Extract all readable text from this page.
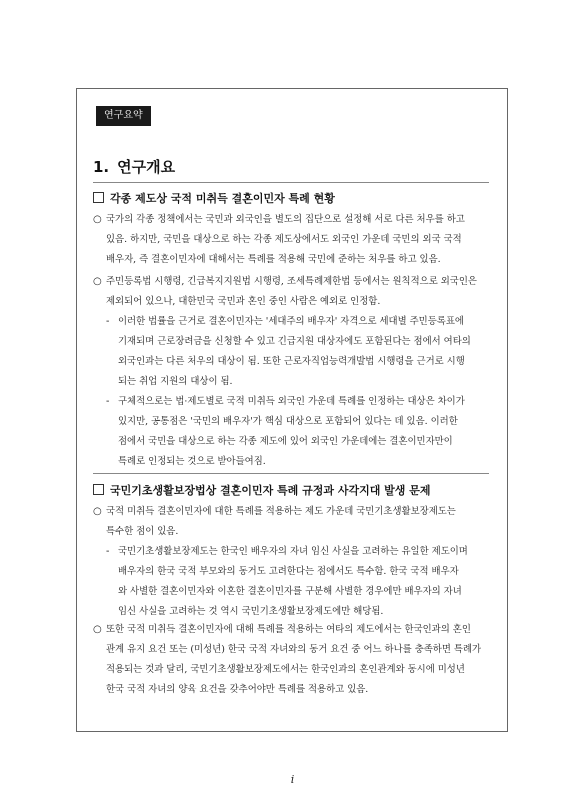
연구요약
1. 연구개요
각종 제도상 국적 미취득 결혼이민자 특례 현황
○ 국가의 각종 정책에서는 국민과 외국인을 별도의 집단으로 설정해 서로 다른 처우를 하고
있음. 하지만, 국민을 대상으로 하는 각종 제도상에서도 외국인 가운데 국민의 외국 국적
배우자, 즉 결혼이민자에 대해서는 특례를 적용해 국민에 준하는 처우를 하고 있음.
○ 주민등록법 시행령, 긴급복지지원법 시행령, 조세특례제한법 등에서는 원칙적으로 외국인은
제외되어 있으나, 대한민국 국민과 혼인 중인 사람은 예외로 인정함.
- 이러한 법률을 근거로 결혼이민자는 '세대주의 배우자' 자격으로 세대별 주민등록표에
기재되며 근로장려금을 신청할 수 있고 긴급지원 대상자에도 포함된다는 점에서 여타의
외국인과는 다른 처우의 대상이 됨. 또한 근로자직업능력개발법 시행령을 근거로 시행
되는 취업 지원의 대상이 됨.
- 구체적으로는 법·제도별로 국적 미취득 외국인 가운데 특례를 인정하는 대상은 차이가
있지만, 공통점은 '국민의 배우자'가 핵심 대상으로 포함되어 있다는 데 있음. 이러한
점에서 국민을 대상으로 하는 각종 제도에 있어 외국인 가운데에는 결혼이민자만이
특례로 인정되는 것으로 받아들여짐.
국민기초생활보장법상 결혼이민자 특례 규정과 사각지대 발생 문제
○ 국적 미취득 결혼이민자에 대한 특례를 적용하는 제도 가운데 국민기초생활보장제도는
특수한 점이 있음.
- 국민기초생활보장제도는 한국인 배우자의 자녀 임신 사실을 고려하는 유일한 제도이며
배우자의 한국 국적 부모와의 동거도 고려한다는 점에서도 특수함. 한국 국적 배우자
와 사별한 결혼이민자와 이혼한 결혼이민자를 구분해 사별한 경우에만 배우자의 자녀
임신 사실을 고려하는 것 역시 국민기초생활보장제도에만 해당됨.
○ 또한 국적 미취득 결혼이민자에 대해 특례를 적용하는 여타의 제도에서는 한국인과의 혼인
관계 유지 요건 또는 (미성년) 한국 국적 자녀와의 동거 요건 중 어느 하나를 충족하면 특례가
적용되는 것과 달리, 국민기초생활보장제도에서는 한국인과의 혼인관계와 동시에 미성년
한국 국적 자녀의 양육 요건을 갖추어야만 특례를 적용하고 있음.
i
